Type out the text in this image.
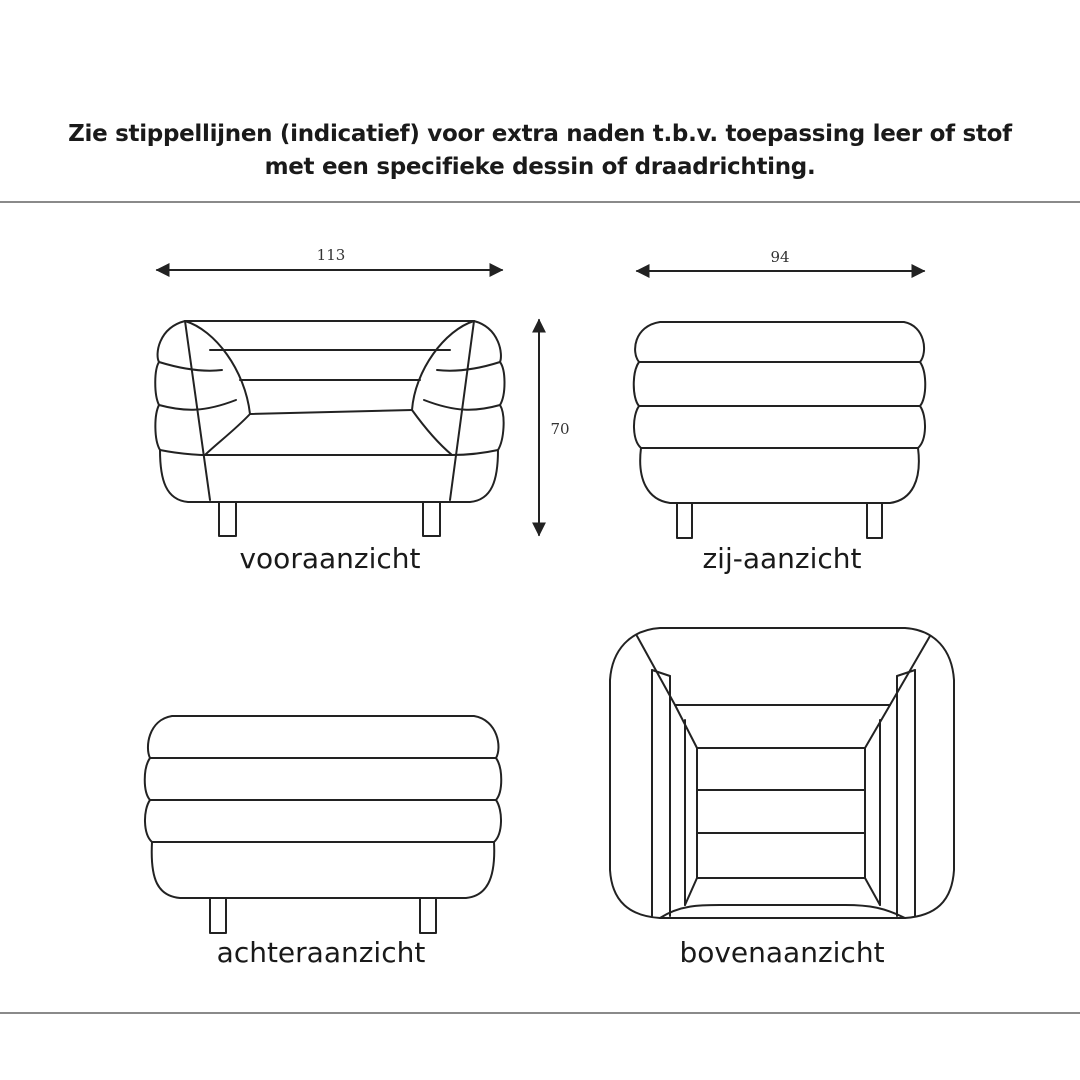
Zie stippellijnen (indicatief) voor extra naden t.b.v. toepassing leer of stof
met een specifieke dessin of draadrichting.
113	94
70
vooraanzicht	zij-aanzicht
achteraanzicht	bovenaanzicht
